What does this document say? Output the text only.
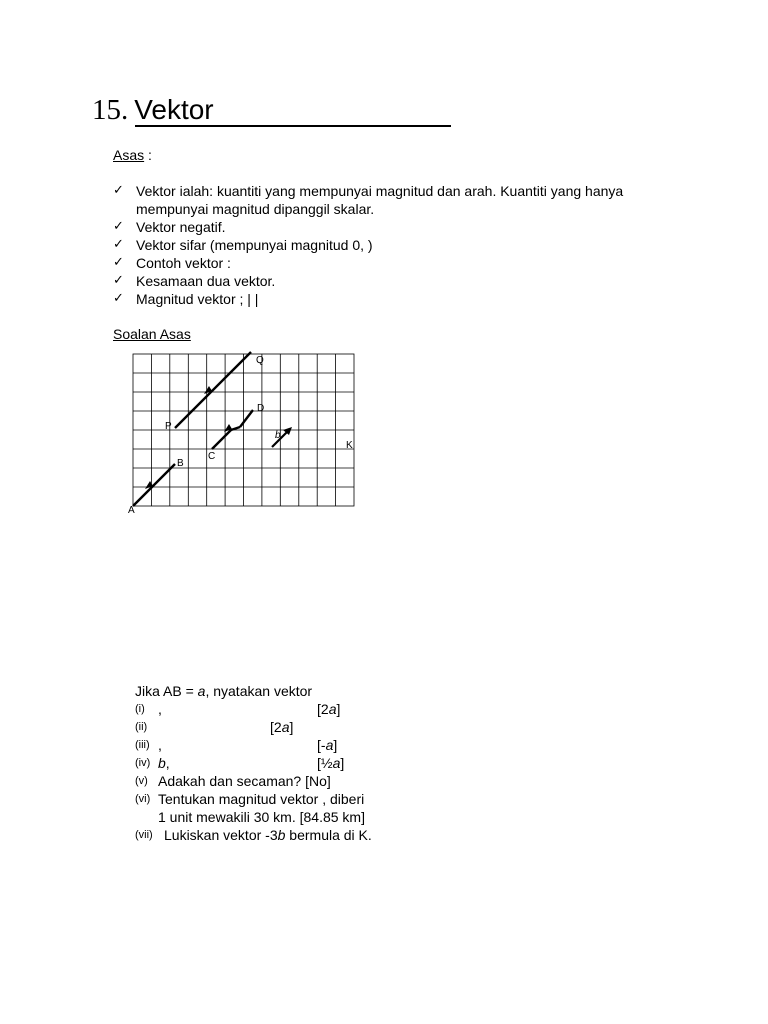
15. Vektor
Asas :
✓ Vektor ialah: kuantiti yang mempunyai magnitud dan arah. Kuantiti yang hanya mempunyai magnitud dipanggil skalar.
✓ Vektor negatif.
✓ Vektor sifar (mempunyai magnitud 0, )
✓ Contoh vektor :
✓ Kesamaan dua vektor.
✓ Magnitud vektor ; | |
Soalan Asas
A
B
P
Q
C
D
b
K
Jika AB = a, nyatakan vektor
(i) ,	[2a]
(ii)	[2a]
(iii) ,	[-a]
(iv) b,	[½a]
(v) Adakah dan secaman? [No]
(vi) Tentukan magnitud vektor , diberi
1 unit mewakili 30 km. [84.85 km]
(vii) Lukiskan vektor -3b bermula di K.
